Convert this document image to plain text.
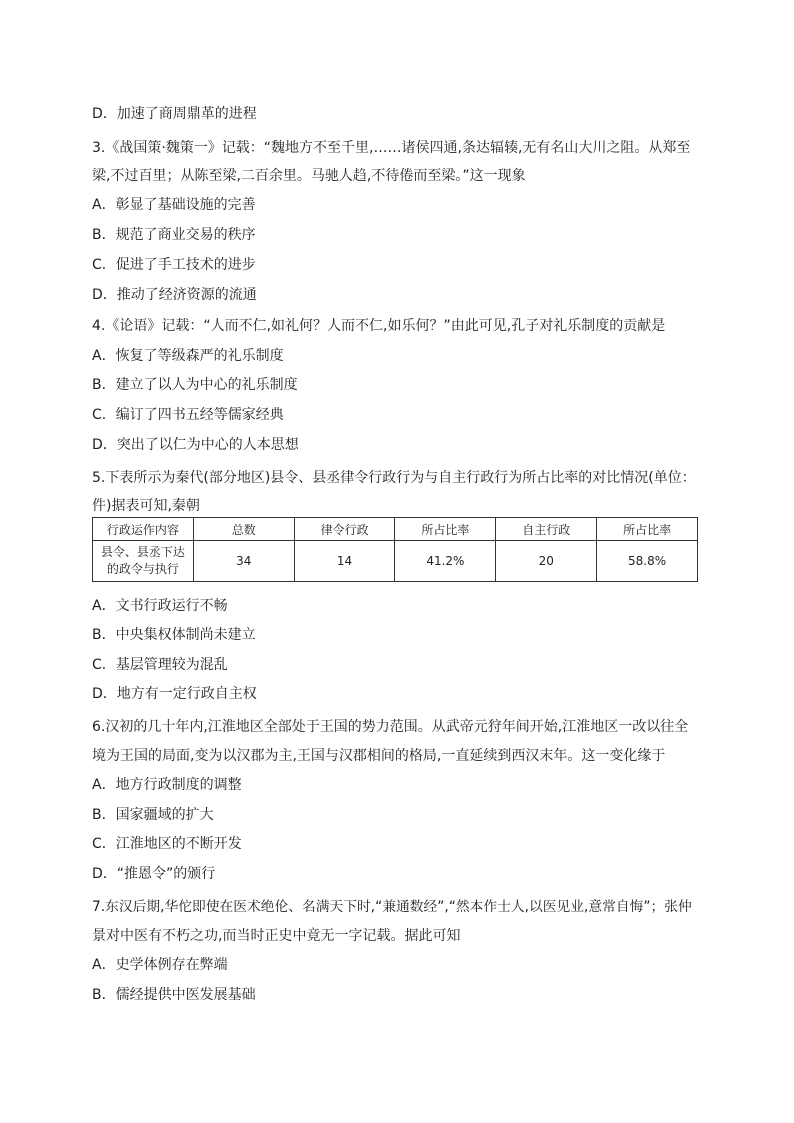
D．加速了商周鼎革的进程
3.《战国策·魏策一》记载：“魏地方不至千里,……诸侯四通,条达辐辏,无有名山大川之阻。从郑至
梁,不过百里；从陈至梁,二百余里。马驰人趋,不待倦而至梁。”这一现象
A．彰显了基础设施的完善
B．规范了商业交易的秩序
C．促进了手工技术的进步
D．推动了经济资源的流通
4.《论语》记载：“人而不仁,如礼何？人而不仁,如乐何？”由此可见,孔子对礼乐制度的贡献是
A．恢复了等级森严的礼乐制度
B．建立了以人为中心的礼乐制度
C．编订了四书五经等儒家经典
D．突出了以仁为中心的人本思想
5.下表所示为秦代(部分地区)县令、县丞律令行政行为与自主行政行为所占比率的对比情况(单位：
件)据表可知,秦朝
行政运作内容	总数	律令行政	所占比率	自主行政	所占比率
县令、县丞下达
的政令与执行	34	14	41.2%	20	58.8%
A．文书行政运行不畅
B．中央集权体制尚未建立
C．基层管理较为混乱
D．地方有一定行政自主权
6.汉初的几十年内,江淮地区全部处于王国的势力范围。从武帝元狩年间开始,江淮地区一改以往全
境为王国的局面,变为以汉郡为主,王国与汉郡相间的格局,一直延续到西汉末年。这一变化缘于
A．地方行政制度的调整
B．国家疆域的扩大
C．江淮地区的不断开发
D．“推恩令”的颁行
7.东汉后期,华佗即使在医术绝伦、名满天下时,“兼通数经”,“然本作士人,以医见业,意常自悔”；张仲
景对中医有不朽之功,而当时正史中竟无一字记载。据此可知
A．史学体例存在弊端
B．儒经提供中医发展基础
